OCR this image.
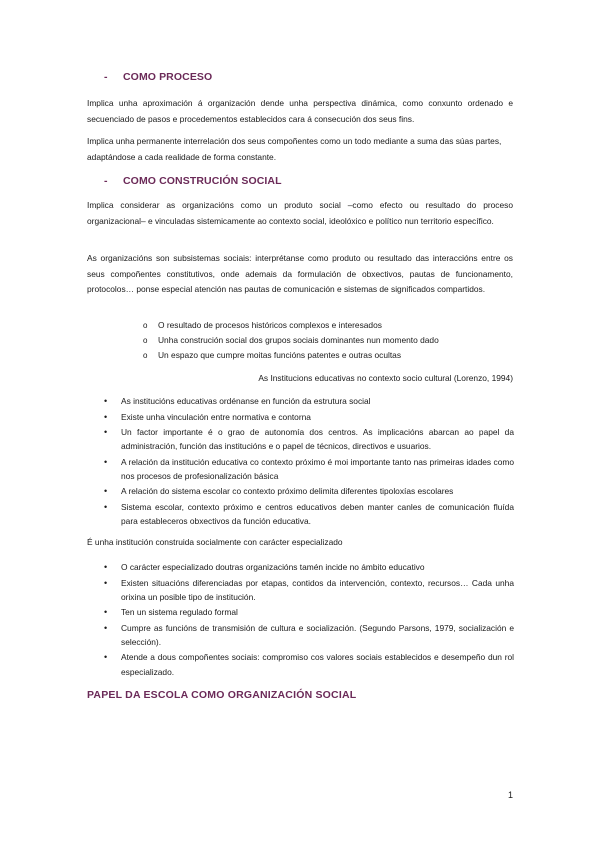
- COMO PROCESO
Implica unha aproximación á organización dende unha perspectiva dinámica, como conxunto ordenado e secuenciado de pasos e procedementos establecidos cara á consecución dos seus fins.
Implica unha permanente interrelación dos seus compoñentes como un todo mediante a suma das súas partes, adaptándose a cada realidade de forma constante.
- COMO CONSTRUCIÓN SOCIAL
Implica considerar as organizacións como un produto social –como efecto ou resultado do proceso organizacional– e vinculadas sistemicamente ao contexto social, ideolóxico e político nun territorio específico.
As organizacións son subsistemas sociais: interprétanse como produto ou resultado das interaccións entre os seus compoñentes constitutivos, onde ademais da formulación de obxectivos, pautas de funcionamento, protocolos… ponse especial atención nas pautas de comunicación e sistemas de significados compartidos.
o O resultado de procesos históricos complexos e interesados
o Unha construción social dos grupos sociais dominantes nun momento dado
o Un espazo que cumpre moitas funcións patentes e outras ocultas
As Institucions educativas no contexto socio cultural (Lorenzo, 1994)
• As institucións educativas ordénanse en función da estrutura social
• Existe unha vinculación entre normativa e contorna
• Un factor importante é o grao de autonomía dos centros. As implicacións abarcan ao papel da administración, función das institucións e o papel de técnicos, directivos e usuarios.
• A relación da institución educativa co contexto próximo é moi importante tanto nas primeiras idades como nos procesos de profesionalización básica
• A relación do sistema escolar co contexto próximo delimita diferentes tipoloxías escolares
• Sistema escolar, contexto próximo e centros educativos deben manter canles de comunicación fluída para estableceros obxectivos da función educativa.
É unha institución construida socialmente con carácter especializado
• O carácter especializado doutras organizacións tamén incide no ámbito educativo
• Existen situacións diferenciadas por etapas, contidos da intervención, contexto, recursos… Cada unha orixina un posible tipo de institución.
• Ten un sistema regulado formal
• Cumpre as funcións de transmisión de cultura e socialización. (Segundo Parsons, 1979, socialización e selección).
• Atende a dous compoñentes sociais: compromiso cos valores sociais establecidos e desempeño dun rol especializado.
PAPEL DA ESCOLA COMO ORGANIZACIÓN SOCIAL
1
